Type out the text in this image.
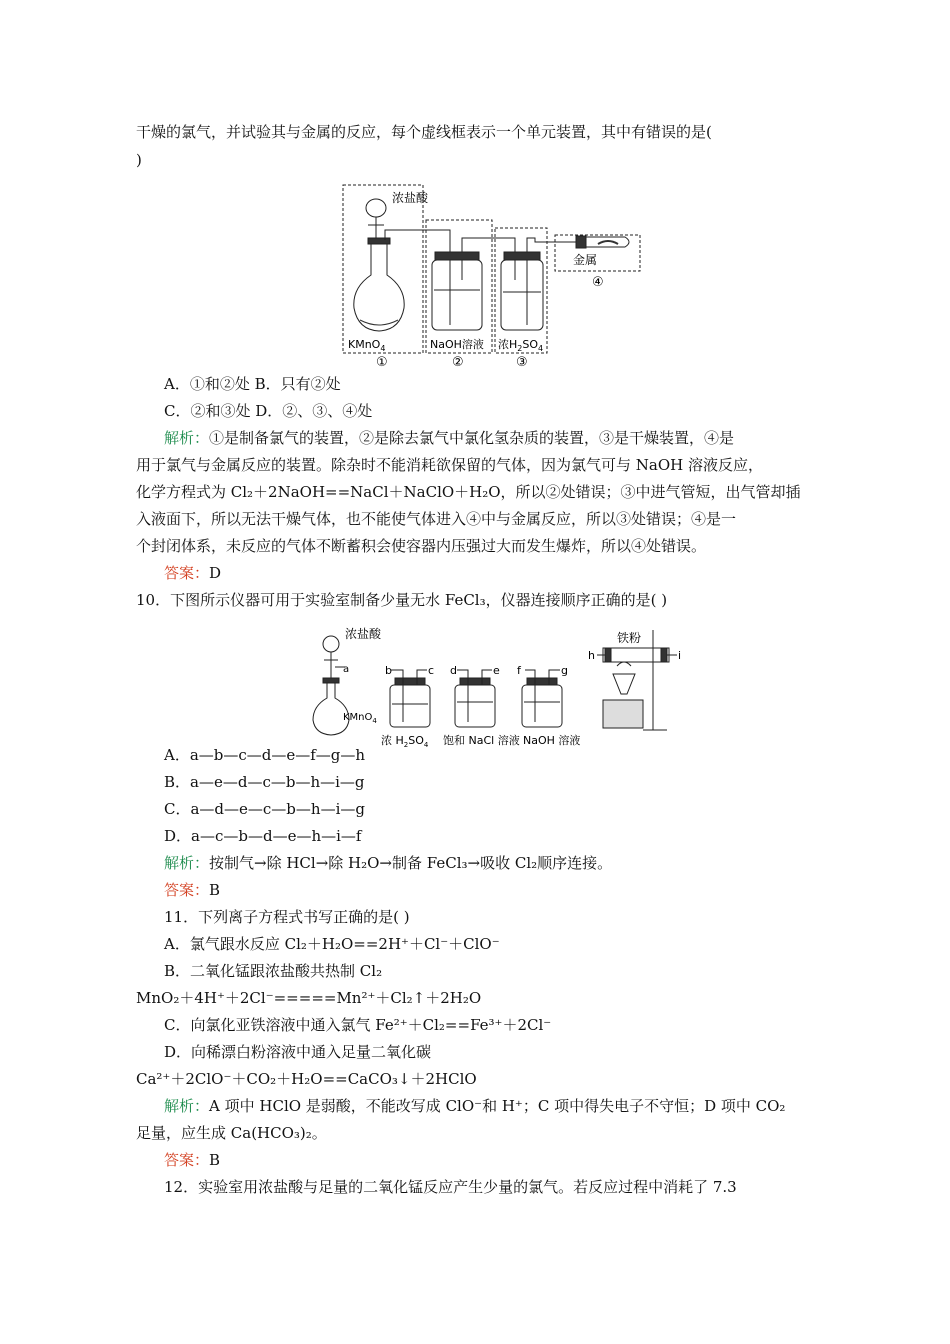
干燥的氯气，并试验其与金属的反应，每个虚线框表示一个单元装置，其中有错误的是(
)
浓盐酸
金属
④
KMnO$_4$	NaOH溶液 浓$H_2SO_4$
①	②	③
A．①和②处 B．只有②处
C．②和③处 D．②、③、④处
解析：①是制备氯气的装置，②是除去氯气中氯化氢杂质的装置，③是干燥装置，④是
用于氯气与金属反应的装置。除杂时不能消耗欲保留的气体，因为氯气可与 NaOH 溶液反应，
化学方程式为 Cl₂＋2NaOH==NaCl＋NaClO＋H₂O，所以②处错误；③中进气管短，出气管却插
入液面下，所以无法干燥气体，也不能使气体进入④中与金属反应，所以③处错误；④是一
个封闭体系，未反应的气体不断蓄积会使容器内压强过大而发生爆炸，所以④处错误。
答案：D
10．下图所示仪器可用于实验室制备少量无水 FeCl₃，仪器连接顺序正确的是( )
浓盐酸
a
KMnO$_4$
b	c d	e f	g
h	i
铁粉
浓 $H_2SO_4$ 饱和 NaCl 溶液 NaOH 溶液
A．a—b—c—d—e—f—g—h
B．a—e—d—c—b—h—i—g
C．a—d—e—c—b—h—i—g
D．a—c—b—d—e—h—i—f
解析：按制气→除 HCl→除 H₂O→制备 FeCl₃→吸收 Cl₂顺序连接。
答案：B
11．下列离子方程式书写正确的是( )
A．氯气跟水反应 Cl₂＋H₂O==2H⁺＋Cl⁻＋ClO⁻
B．二氧化锰跟浓盐酸共热制 Cl₂
MnO₂＋4H⁺＋2Cl⁻=====Mn²⁺＋Cl₂↑＋2H₂O
C．向氯化亚铁溶液中通入氯气 Fe²⁺＋Cl₂==Fe³⁺＋2Cl⁻
D．向稀漂白粉溶液中通入足量二氧化碳
Ca²⁺＋2ClO⁻＋CO₂＋H₂O==CaCO₃↓＋2HClO
解析：A 项中 HClO 是弱酸，不能改写成 ClO⁻和 H⁺；C 项中得失电子不守恒；D 项中 CO₂
足量，应生成 Ca(HCO₃)₂。
答案：B
12．实验室用浓盐酸与足量的二氧化锰反应产生少量的氯气。若反应过程中消耗了 7.3
